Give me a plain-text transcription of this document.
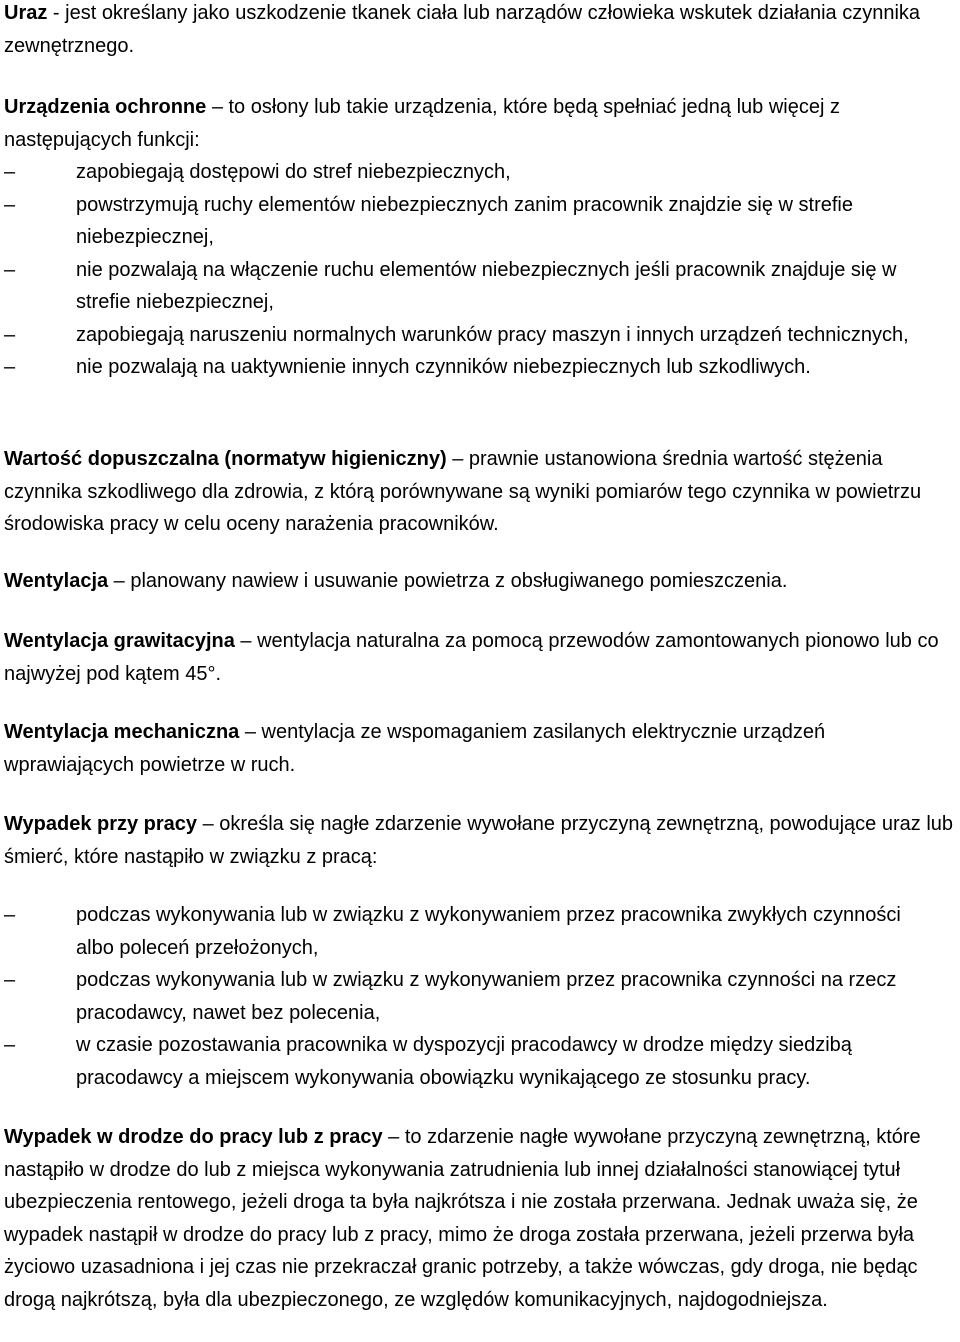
Uraz - jest określany jako uszkodzenie tkanek ciała lub narządów człowieka wskutek działania czynnika zewnętrznego.

Urządzenia ochronne – to osłony lub takie urządzenia, które będą spełniać jedną lub więcej z następujących funkcji:

–	zapobiegają dostępowi do stref niebezpiecznych,
–	powstrzymują ruchy elementów niebezpiecznych zanim pracownik znajdzie się w strefie niebezpiecznej,
–	nie pozwalają na włączenie ruchu elementów niebezpiecznych jeśli pracownik znajduje się w strefie niebezpiecznej,
–	zapobiegają naruszeniu normalnych warunków pracy maszyn i innych urządzeń technicznych,
–	nie pozwalają na uaktywnienie innych czynników niebezpiecznych lub szkodliwych.

Wartość dopuszczalna (normatyw higieniczny) – prawnie ustanowiona średnia wartość stężenia czynnika szkodliwego dla zdrowia, z którą porównywane są wyniki pomiarów tego czynnika w powietrzu środowiska pracy w celu oceny narażenia pracowników.

Wentylacja – planowany nawiew i usuwanie powietrza z obsługiwanego pomieszczenia.

Wentylacja grawitacyjna – wentylacja naturalna za pomocą przewodów zamontowanych pionowo lub co najwyżej pod kątem 45°.

Wentylacja mechaniczna – wentylacja ze wspomaganiem zasilanych elektrycznie urządzeń wprawiających powietrze w ruch.

Wypadek przy pracy – określa się nagłe zdarzenie wywołane przyczyną zewnętrzną, powodujące uraz lub śmierć, które nastąpiło w związku z pracą:

–	podczas wykonywania lub w związku z wykonywaniem przez pracownika zwykłych czynności albo poleceń przełożonych,
–	podczas wykonywania lub w związku z wykonywaniem przez pracownika czynności na rzecz pracodawcy, nawet bez polecenia,
–	w czasie pozostawania pracownika w dyspozycji pracodawcy w drodze między siedzibą pracodawcy a miejscem wykonywania obowiązku wynikającego ze stosunku pracy.

Wypadek w drodze do pracy lub z pracy – to zdarzenie nagłe wywołane przyczyną zewnętrzną, które nastąpiło w drodze do lub z miejsca wykonywania zatrudnienia lub innej działalności stanowiącej tytuł ubezpieczenia rentowego, jeżeli droga ta była najkrótsza i nie została przerwana. Jednak uważa się, że wypadek nastąpił w drodze do pracy lub z pracy, mimo że droga została przerwana, jeżeli przerwa była życiowo uzasadniona i jej czas nie przekraczał granic potrzeby, a także wówczas, gdy droga, nie będąc drogą najkrótszą, była dla ubezpieczonego, ze względów komunikacyjnych, najdogodniejsza.
